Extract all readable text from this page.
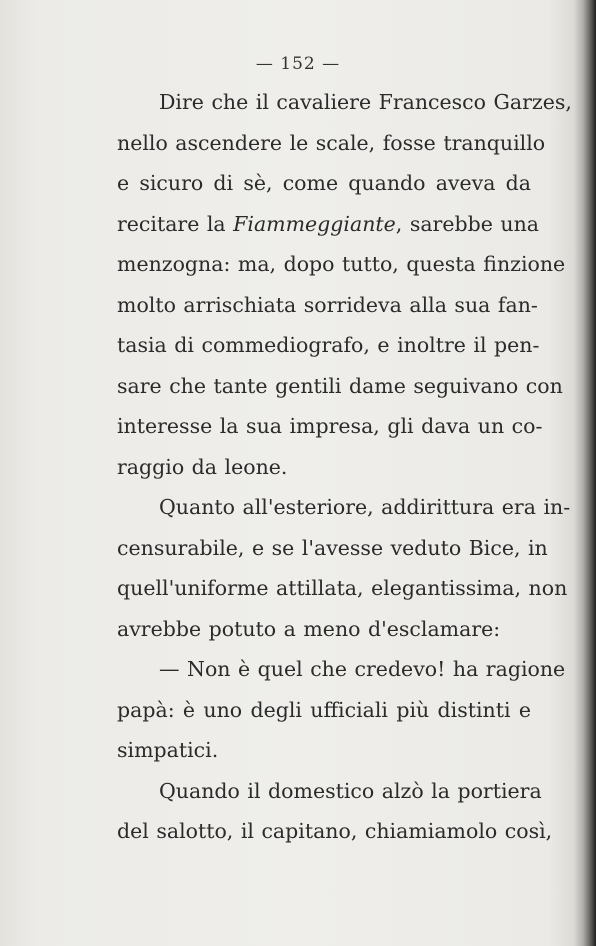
— 152 —
Dire che il cavaliere Francesco Garzes,
nello ascendere le scale, fosse tranquillo
e sicuro di sè, come quando aveva da
recitare la Fiammeggiante, sarebbe una
menzogna: ma, dopo tutto, questa finzione
molto arrischiata sorrideva alla sua fan-
tasia di commediografo, e inoltre il pen-
sare che tante gentili dame seguivano con
interesse la sua impresa, gli dava un co-
raggio da leone.
Quanto all'esteriore, addirittura era in-
censurabile, e se l'avesse veduto Bice, in
quell'uniforme attillata, elegantissima, non
avrebbe potuto a meno d'esclamare:
— Non è quel che credevo! ha ragione
papà: è uno degli ufficiali più distinti e
simpatici.
Quando il domestico alzò la portiera
del salotto, il capitano, chiamiamolo così,
